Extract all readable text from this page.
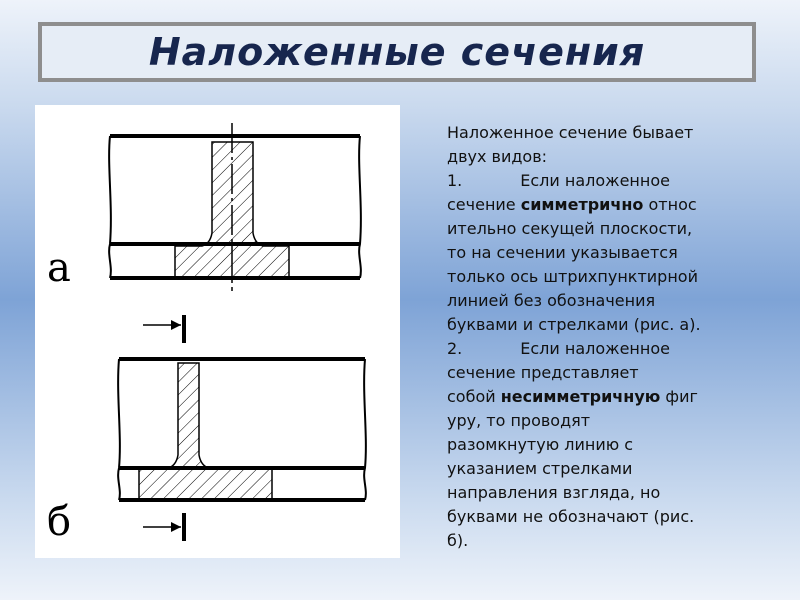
Наложенные сечения
а
б

Наложенное сечение бывает
двух видов:
1.	Если наложенное
сечение симметрично относ
ительно секущей плоскости,
то на сечении указывается
только ось штрихпунктирной
линией без обозначения
буквами и стрелками (рис. а).
2.	Если наложенное
сечение представляет
собой несимметричную фиг
уру, то проводят
разомкнутую линию с
указанием стрелками
направления взгляда, но
буквами не обозначают (рис.
б).
